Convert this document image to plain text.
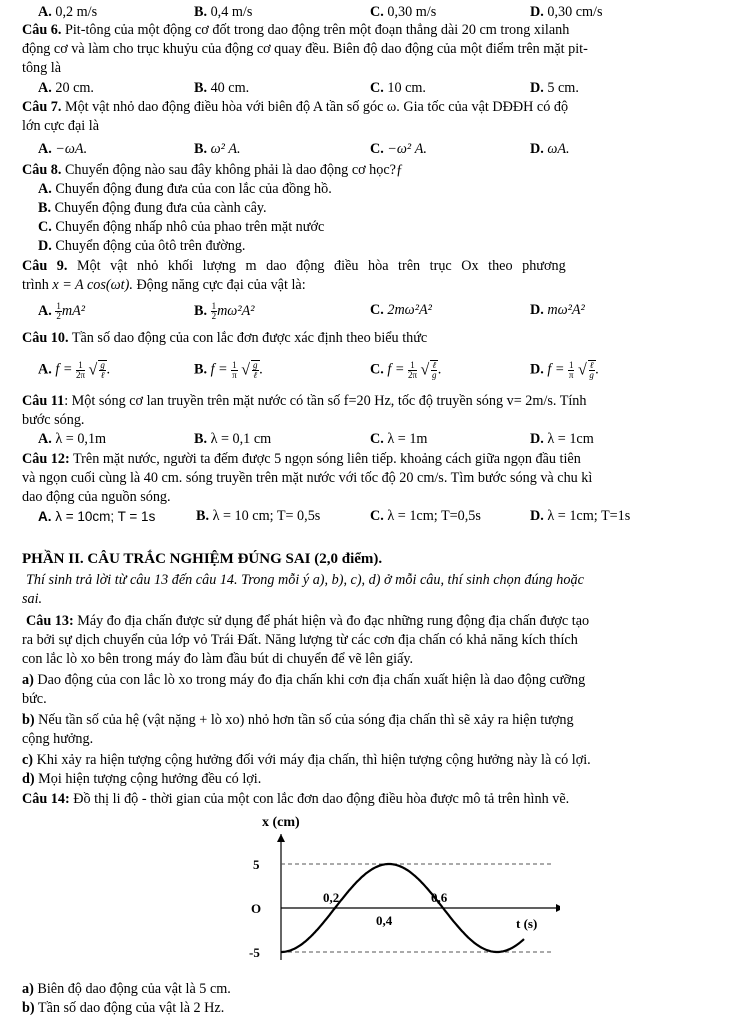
A. 0,2 m/s	B. 0,4 m/s	C. 0,30 m/s	D. 0,30 cm/s
Câu 6. Pit-tông của một động cơ đốt trong dao động trên một đoạn thẳng dài 20 cm trong xilanh
động cơ và làm cho trục khuỷu của động cơ quay đều. Biên độ dao động của một điểm trên mặt pit-
tông là
A. 20 cm.	B. 40 cm.	C. 10 cm.	D. 5 cm.
Câu 7. Một vật nhỏ dao động điều hòa với biên độ A tần số góc ω. Gia tốc của vật DĐĐH có độ
lớn cực đại là
A. −ωA.	B. ω² A.	C. −ω² A.	D. ωA.
Câu 8. Chuyển động nào sau đây không phải là dao động cơ học?ƒ
A. Chuyển động đung đưa của con lắc của đồng hồ.
B. Chuyển động đung đưa của cành cây.
C. Chuyển động nhấp nhô của phao trên mặt nước
D. Chuyển động của ôtô trên đường.
Câu 9. Một vật nhỏ khối lượng m dao động điều hòa trên trục Ox theo phương
trình x = A cos(ωt). Động năng cực đại của vật là:
A. $\frac{1}{2} mA^2$	B. $\frac{1}{2} m\omega^2A^2$	C. 2mω²A²	D. mω²A²
Câu 10. Tần số dao động của con lắc đơn được xác định theo biểu thức
A. $f = \frac{1}{2\pi}$ √ $\frac{g}{\text{ℓ}}$ .	B. $f = \frac{1}{\pi}$ √ $\frac{g}{\text{ℓ}}$ .	C. $f = \frac{1}{2\pi}$ √ $\frac{\text{ℓ}}{g}$ .	D. $f = \frac{1}{\pi}$ √ $\frac{\text{ℓ}}{g}$ .
Câu 11: Một sóng cơ lan truyền trên mặt nước có tần số f=20 Hz, tốc độ truyền sóng v= 2m/s. Tính
bước sóng.
A. λ = 0,1m	B. λ = 0,1 cm	C. λ = 1m	D. λ = 1cm
Câu 12: Trên mặt nước, người ta đếm được 5 ngọn sóng liên tiếp. khoảng cách giữa ngọn đầu tiên
và ngọn cuối cùng là 40 cm. sóng truyền trên mặt nước với tốc độ 20 cm/s. Tìm bước sóng và chu kì
dao động của nguồn sóng.
A. λ = 10cm; T = 1s	B. λ = 10 cm; T= 0,5s	C. λ = 1cm; T=0,5s	D. λ = 1cm; T=1s
PHẦN II. CÂU TRẮC NGHIỆM ĐÚNG SAI (2,0 điểm).
Thí sinh trả lời từ câu 13 đến câu 14. Trong mỗi ý a), b), c), d) ở mỗi câu, thí sinh chọn đúng hoặc
sai.
Câu 13: Máy đo địa chấn được sử dụng để phát hiện và đo đạc những rung động địa chấn được tạo
ra bởi sự dịch chuyển của lớp vỏ Trái Đất. Năng lượng từ các cơn địa chấn có khả năng kích thích
con lắc lò xo bên trong máy đo làm đầu bút di chuyển để vẽ lên giấy.
a) Dao động của con lắc lò xo trong máy đo địa chấn khi cơn địa chấn xuất hiện là dao động cưỡng
bức.
b) Nếu tần số của hệ (vật nặng + lò xo) nhỏ hơn tần số của sóng địa chấn thì sẽ xảy ra hiện tượng
cộng hưởng.
c) Khi xảy ra hiện tượng cộng hưởng đối với máy địa chấn, thì hiện tượng cộng hưởng này là có lợi.
d) Mọi hiện tượng cộng hưởng đều có lợi.
Câu 14: Đồ thị li độ - thời gian của một con lắc đơn dao động điều hòa được mô tả trên hình vẽ.
x (cm)
5
O
-5
0,2
0,4
0,6
t (s)
a) Biên độ dao động của vật là 5 cm.
b) Tần số dao động của vật là 2 Hz.
